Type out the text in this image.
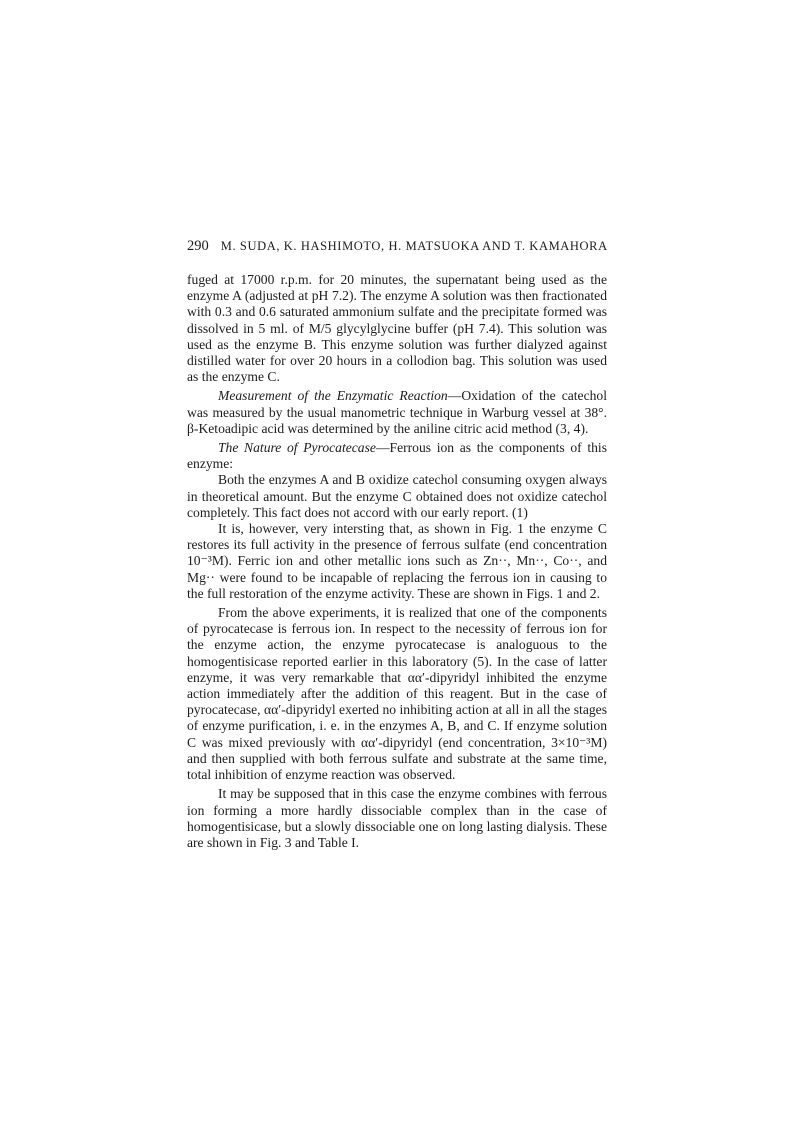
290 M. SUDA, K. HASHIMOTO, H. MATSUOKA AND T. KAMAHORA

fuged at 17000 r.p.m. for 20 minutes, the supernatant being used as the enzyme A (adjusted at pH 7.2). The enzyme A solution was then fractionated with 0.3 and 0.6 saturated ammonium sulfate and the precipitate formed was dissolved in 5 ml. of M/5 glycylglycine buffer (pH 7.4). This solution was used as the enzyme B. This enzyme solution was further dialyzed against distilled water for over 20 hours in a collodion bag. This solution was used as the enzyme C.

Measurement of the Enzymatic Reaction—Oxidation of the catechol was measured by the usual manometric technique in Warburg vessel at 38°. β-Ketoadipic acid was determined by the aniline citric acid method (3, 4).

The Nature of Pyrocatecase—Ferrous ion as the components of this enzyme:

Both the enzymes A and B oxidize catechol consuming oxygen always in theoretical amount. But the enzyme C obtained does not oxidize catechol completely. This fact does not accord with our early report. (1)

It is, however, very intersting that, as shown in Fig. 1 the enzyme C restores its full activity in the presence of ferrous sulfate (end concentration 10⁻³M). Ferric ion and other metallic ions such as Zn··, Mn··, Co··, and Mg·· were found to be incapable of replacing the ferrous ion in causing to the full restoration of the enzyme activity. These are shown in Figs. 1 and 2.

From the above experiments, it is realized that one of the components of pyrocatecase is ferrous ion. In respect to the necessity of ferrous ion for the enzyme action, the enzyme pyrocatecase is analoguous to the homogentisicase reported earlier in this laboratory (5). In the case of latter enzyme, it was very remarkable that αα′-dipyridyl inhibited the enzyme action immediately after the addition of this reagent. But in the case of pyrocatecase, αα′-dipyridyl exerted no inhibiting action at all in all the stages of enzyme purification, i. e. in the enzymes A, B, and C. If enzyme solution C was mixed previously with αα′-dipyridyl (end concentration, 3×10⁻³M) and then supplied with both ferrous sulfate and substrate at the same time, total inhibition of enzyme reaction was observed.

It may be supposed that in this case the enzyme combines with ferrous ion forming a more hardly dissociable complex than in the case of homogentisicase, but a slowly dissociable one on long lasting dialysis. These are shown in Fig. 3 and Table I.
